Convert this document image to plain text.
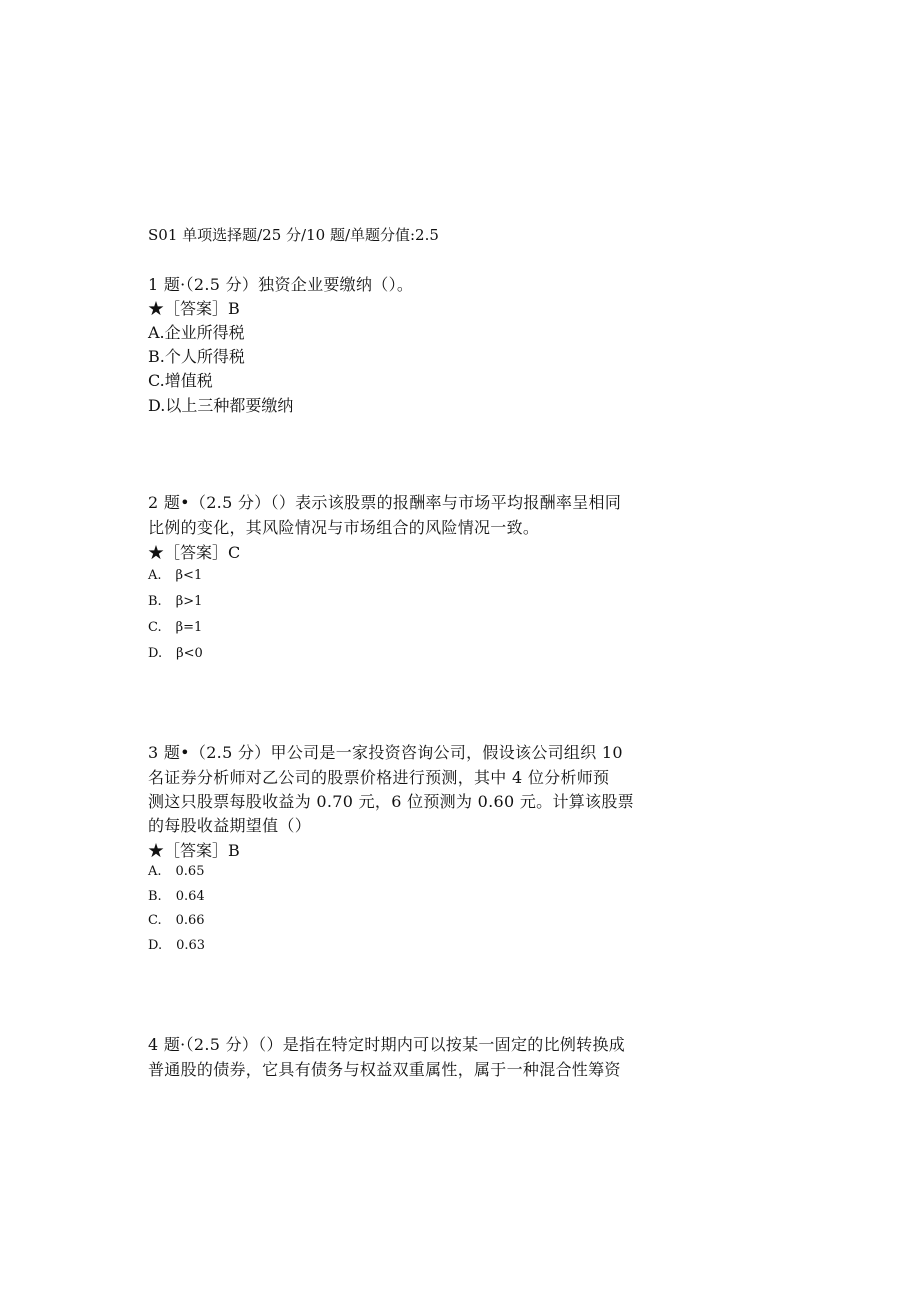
S01 单项选择题/25 分/10 题/单题分值:2.5
1 题·（2.5 分）独资企业要缴纳（）。
★［答案］B
A.企业所得税
B.个人所得税
C.增值税
D.以上三种都要缴纳
2 题•（2.5 分）（）表示该股票的报酬率与市场平均报酬率呈相同
比例的变化，其风险情况与市场组合的风险情况一致。
★［答案］C
A. β<1
B. β>1
C. β=1
D. β<0
3 题•（2.5 分）甲公司是一家投资咨询公司，假设该公司组织 10
名证券分析师对乙公司的股票价格进行预测，其中 4 位分析师预
测这只股票每股收益为 0.70 元，6 位预测为 0.60 元。计算该股票
的每股收益期望值（）
★［答案］B
A. 0.65
B. 0.64
C. 0.66
D. 0.63
4 题·（2.5 分）（）是指在特定时期内可以按某一固定的比例转换成
普通股的债券，它具有债务与权益双重属性，属于一种混合性筹资
